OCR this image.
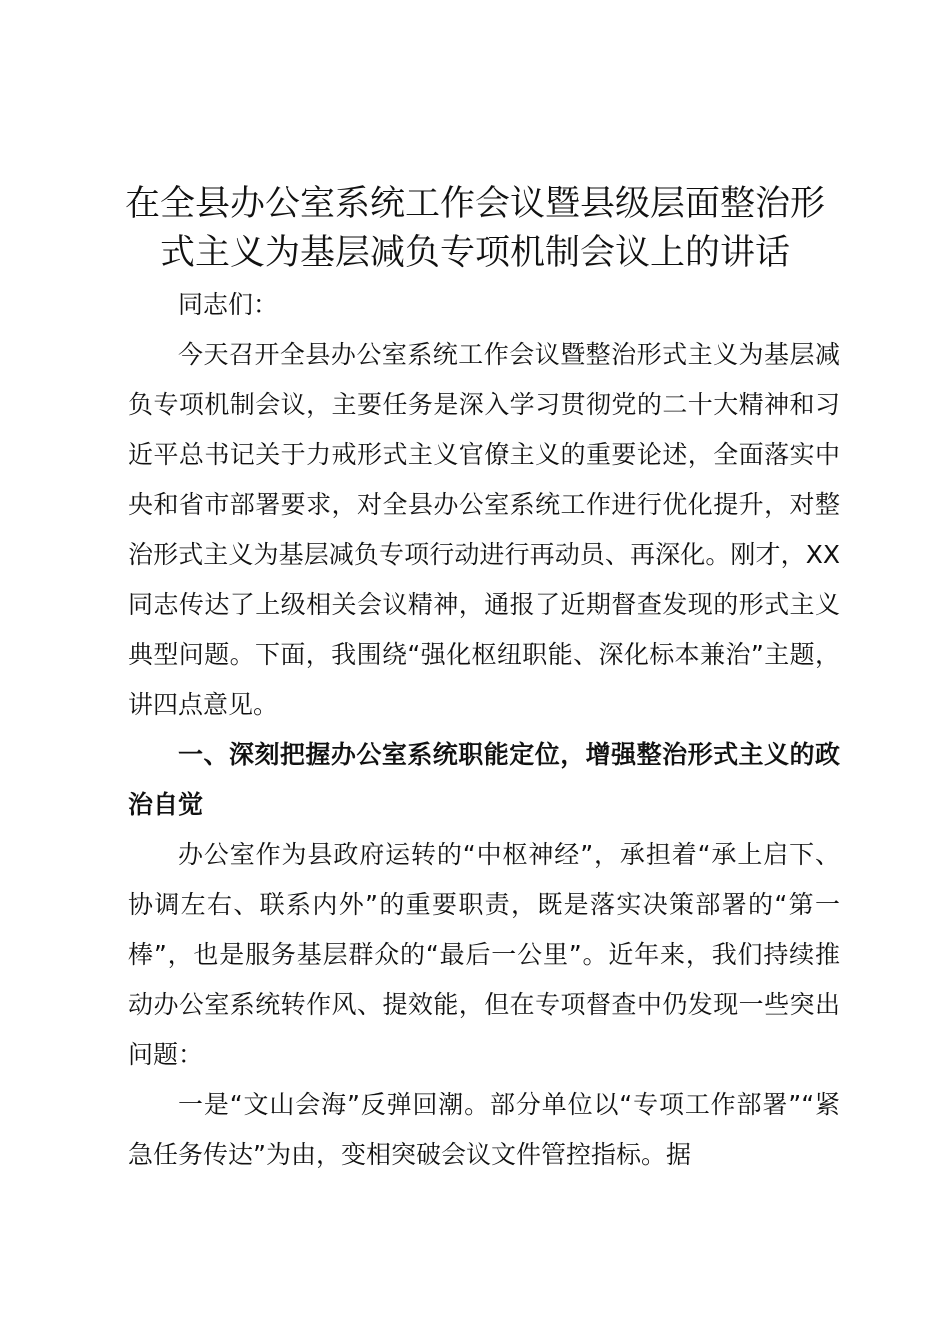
在全县办公室系统工作会议暨县级层面整治形
式主义为基层减负专项机制会议上的讲话

同志们：

今天召开全县办公室系统工作会议暨整治形式主义为基层减负专项机制会议，主要任务是深入学习贯彻党的二十大精神和习近平总书记关于力戒形式主义官僚主义的重要论述，全面落实中央和省市部署要求，对全县办公室系统工作进行优化提升，对整治形式主义为基层减负专项行动进行再动员、再深化。刚才，XX同志传达了上级相关会议精神，通报了近期督查发现的形式主义典型问题。下面，我围绕“强化枢纽职能、深化标本兼治”主题，讲四点意见。

一、深刻把握办公室系统职能定位，增强整治形式主义的政治自觉

办公室作为县政府运转的“中枢神经”，承担着“承上启下、协调左右、联系内外”的重要职责，既是落实决策部署的“第一棒”，也是服务基层群众的“最后一公里”。近年来，我们持续推动办公室系统转作风、提效能，但在专项督查中仍发现一些突出问题：

一是“文山会海”反弹回潮。部分单位以“专项工作部署”“紧急任务传达”为由，变相突破会议文件管控指标。据
